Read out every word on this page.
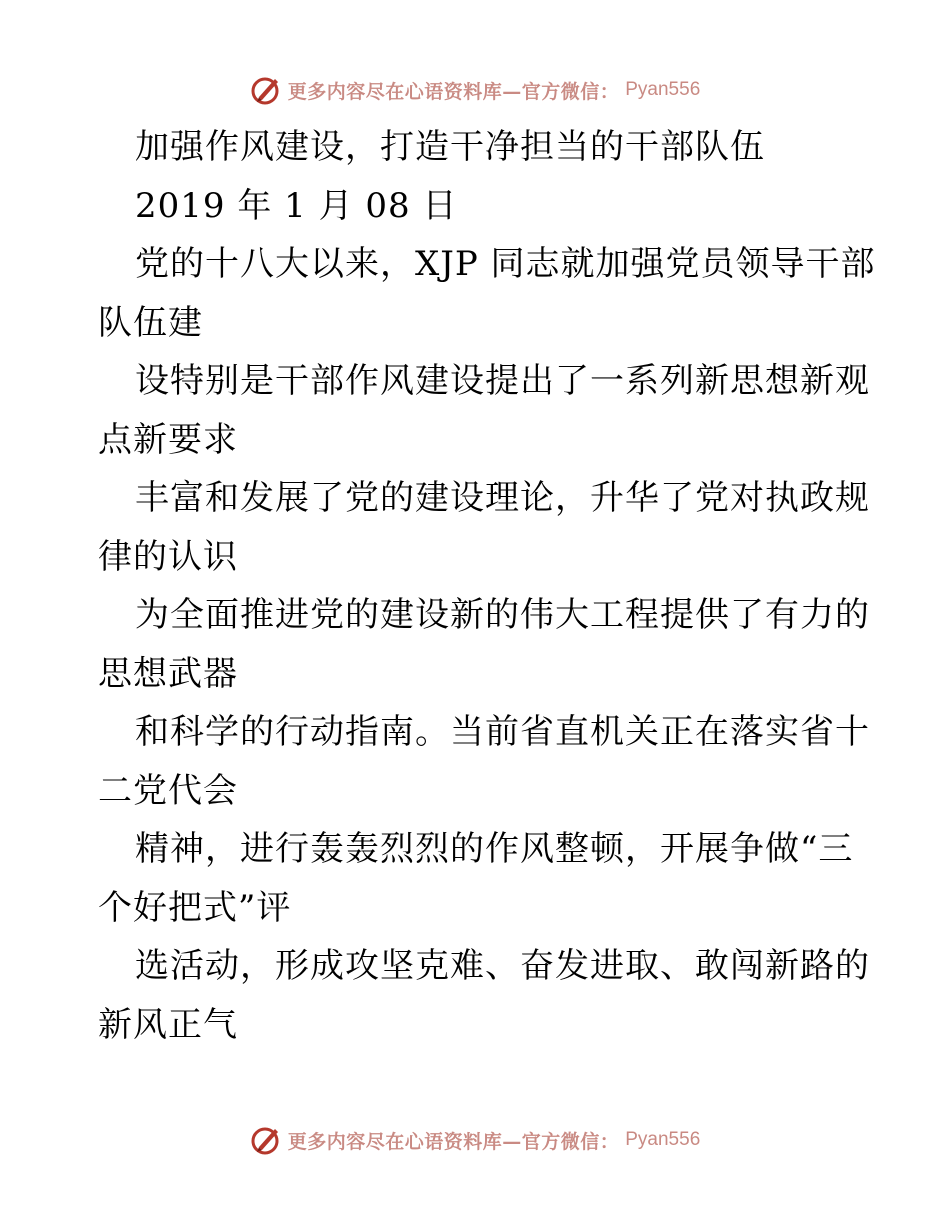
更多内容尽在心语资料库—官方微信： Pyan556
加强作风建设，打造干净担当的干部队伍
2019 年 1 月 08 日
党的十八大以来，XJP 同志就加强党员领导干部
队伍建
设特别是干部作风建设提出了一系列新思想新观
点新要求
丰富和发展了党的建设理论，升华了党对执政规
律的认识
为全面推进党的建设新的伟大工程提供了有力的
思想武器
和科学的行动指南。当前省直机关正在落实省十
二党代会
精神，进行轰轰烈烈的作风整顿，开展争做“三
个好把式”评
选活动，形成攻坚克难、奋发进取、敢闯新路的
新风正气
更多内容尽在心语资料库—官方微信： Pyan556
